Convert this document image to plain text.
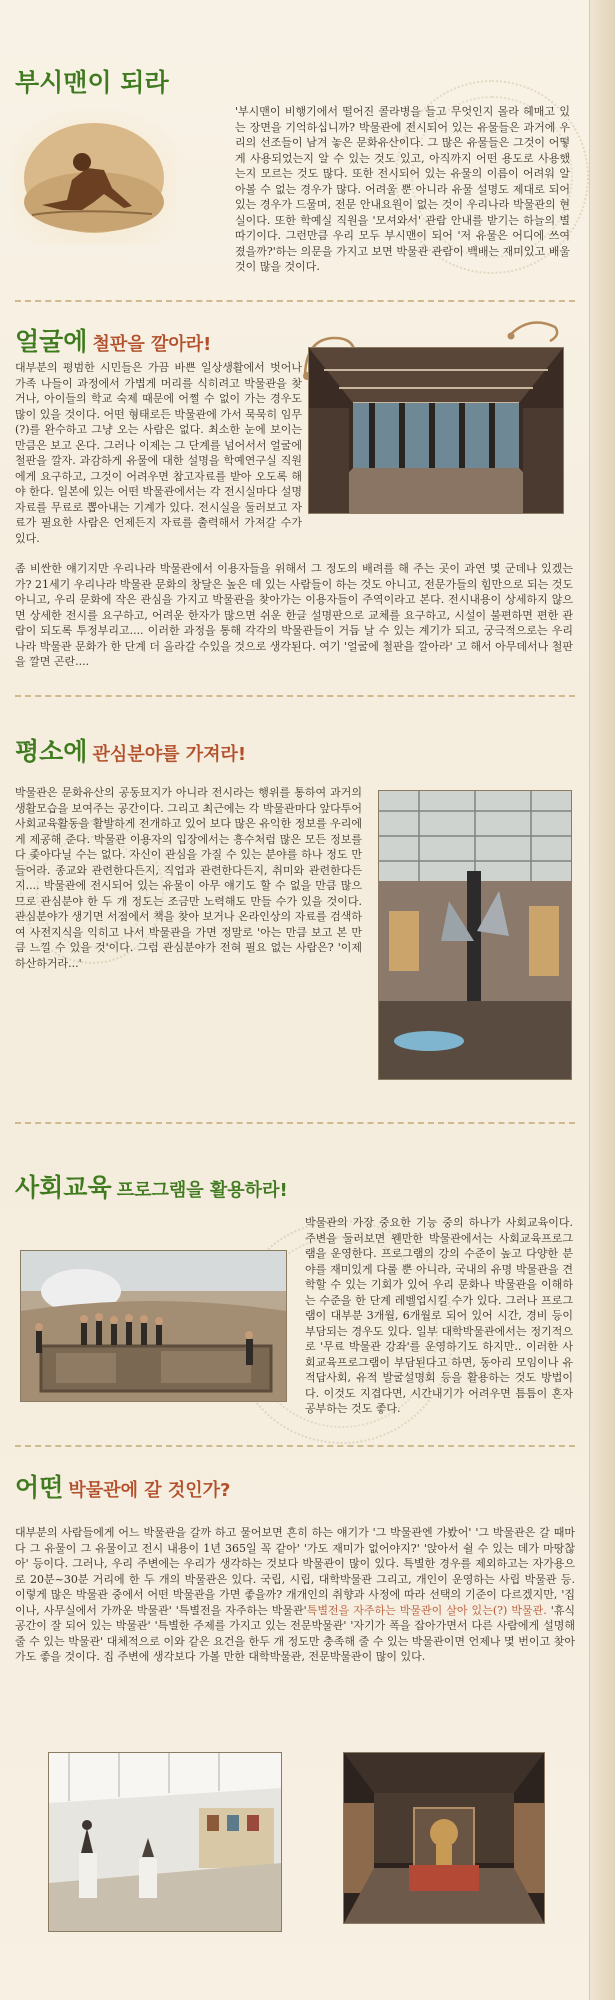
부시맨이 되라
'부시맨이 비행기에서 떨어진 콜라병을 들고 무엇인지 몰라 헤매고 있는 장면을 기억하십니까? 박물관에 전시되어 있는 유물들은 과거에 우리의 선조들이 남겨 놓은 문화유산이다. 그 많은 유물들은 그것이 어떻게 사용되었는지 알 수 있는 것도 있고, 아직까지 어떤 용도로 사용했는지 모르는 것도 많다. 또한 전시되어 있는 유물의 이름이 어려워 알아볼 수 없는 경우가 많다. 어려울 뿐 아니라 유물 설명도 제대로 되어 있는 경우가 드물며, 전문 안내요원이 없는 것이 우리나라 박물관의 현실이다. 또한 학예실 직원을 '모셔와서' 관람 안내를 받기는 하늘의 별따기이다. 그런만큼 우리 모두 부시맨이 되어 '저 유물은 어디에 쓰여졌을까?'하는 의문을 가지고 보면 박물관 관람이 백배는 재미있고 배울 것이 많을 것이다.
얼굴에 철판을 깔아라!
대부분의 평범한 시민들은 가끔 바쁜 일상생활에서 벗어나 가족 나들이 과정에서 가볍게 머리를 식히려고 박물관을 찾거나, 아이들의 학교 숙제 때문에 어쩔 수 없이 가는 경우도 많이 있을 것이다. 어떤 형태로든 박물관에 가서 묵묵히 임무(?)를 완수하고 그냥 오는 사람은 없다. 최소한 눈에 보이는 만큼은 보고 온다. 그러나 이제는 그 단계를 넘어서서 얼굴에 철판을 깔자. 과감하게 유물에 대한 설명을 학예연구실 직원에게 요구하고, 그것이 어려우면 참고자료를 받아 오도록 해야 한다. 일본에 있는 어떤 박물관에서는 각 전시실마다 설명자료를 무료로 뽑아내는 기계가 있다. 전시실을 둘러보고 자료가 필요한 사람은 언제든지 자료를 출력해서 가져갈 수가 있다.
좀 비싼한 얘기지만 우리나라 박물관에서 이용자들을 위해서 그 정도의 배려를 해 주는 곳이 과연 몇 군데나 있겠는가? 21세기 우리나라 박물관 문화의 창달은 높은 데 있는 사람들이 하는 것도 아니고, 전문가들의 힘만으로 되는 것도 아니고, 우리 문화에 작은 관심을 가지고 박물관을 찾아가는 이용자들이 주역이라고 본다. 전시내용이 상세하지 않으면 상세한 전시를 요구하고, 어려운 한자가 많으면 쉬운 한글 설명판으로 교체를 요구하고, 시설이 불편하면 편한 관람이 되도록 투정부리고.... 이러한 과정을 통해 각각의 박물관들이 거듭 날 수 있는 계기가 되고, 궁극적으로는 우리나라 박물관 문화가 한 단계 더 올라갈 수있을 것으로 생각된다. 여기 '얼굴에 철판을 깔아라' 고 해서 아무데서나 철판을 깔면 곤란....
평소에 관심분야를 가져라!
박물관은 문화유산의 공동묘지가 아니라 전시라는 행위를 통하여 과거의 생활모습을 보여주는 공간이다. 그리고 최근에는 각 박물관마다 앞다투어 사회교육활동을 활발하게 전개하고 있어 보다 많은 유익한 정보를 우리에게 제공해 준다. 박물관 이용자의 입장에서는 흥수처럼 많은 모든 정보를 다 좇아다닐 수는 없다. 자신이 관심을 가질 수 있는 분야를 하나 정도 만들어라. 종교와 관련한다든지, 직업과 관련한다든지, 취미와 관련한다든지.... 박물관에 전시되어 있는 유물이 아무 얘기도 할 수 없을 만큼 많으므로 관심분야 한 두 개 정도는 조금만 노력해도 만들 수가 있을 것이다. 관심분야가 생기면 서점에서 책을 찾아 보거나 온라인상의 자료를 검색하여 사전지식을 익히고 나서 박물관을 가면 정말로 '아는 만큼 보고 본 만큼 느낄 수 있을 것'이다. 그럼 관심분야가 전혀 필요 없는 사람은? '이제 하산하거라...'
사회교육 프로그램을 활용하라!
박물관의 가장 중요한 기능 중의 하나가 사회교육이다. 주변을 둘러보면 웬만한 박물관에서는 사회교육프로그램을 운영한다. 프로그램의 강의 수준이 높고 다양한 분야를 재미있게 다룰 뿐 아니라, 국내의 유명 박물관을 견학할 수 있는 기회가 있어 우리 문화나 박물관을 이해하는 수준을 한 단계 레벨업시킬 수가 있다. 그러나 프로그램이 대부분 3개월, 6개월로 되어 있어 시간, 경비 등이 부담되는 경우도 있다. 일부 대학박물관에서는 정기적으로 '무료 박물관 강좌'를 운영하기도 하지만.. 이러한 사회교육프로그램이 부담된다고 하면, 동아리 모임이나 유적답사회, 유적 발굴설명회 등을 활용하는 것도 방법이다. 이것도 지겹다면, 시간내기가 어려우면 틈틈이 혼자 공부하는 것도 좋다.
어떤 박물관에 갈 것인가?
대부분의 사람들에게 어느 박물관을 갈까 하고 물어보면 흔히 하는 얘기가 '그 박물관엔 가봤어' '그 박물관은 갈 때마다 그 유물이 그 유물이고 전시 내용이 1년 365일 꼭 같아' '가도 재미가 없어야지?' '앉아서 쉴 수 있는 데가 마땅찮아' 등이다. 그러나, 우리 주변에는 우리가 생각하는 것보다 박물관이 많이 있다. 특별한 경우를 제외하고는 자가용으로 20분~30분 거리에 한 두 개의 박물관은 있다. 국립, 시립, 대학박물관 그리고, 개인이 운영하는 사립 박물관 등. 이렇게 많은 박물관 중에서 어떤 박물관을 가면 좋을까? 개개인의 취향과 사정에 따라 선택의 기준이 다르겠지만, '집이나, 사무실에서 가까운 박물관' '특별전을 자주하는 박물관'특별전을 자주하는 박물관이 살아 있는(?) 박물관. '휴식공간이 잘 되어 있는 박물관' '특별한 주제를 가지고 있는 전문박물관' '자기가 폭을 잡아가면서 다른 사람에게 설명해 줄 수 있는 박물관' 대체적으로 이와 같은 요건을 한두 개 정도만 충족해 줄 수 있는 박물관이면 언제나 몇 번이고 찾아가도 좋을 것이다. 집 주변에 생각보다 가볼 만한 대학박물관, 전문박물관이 많이 있다.
